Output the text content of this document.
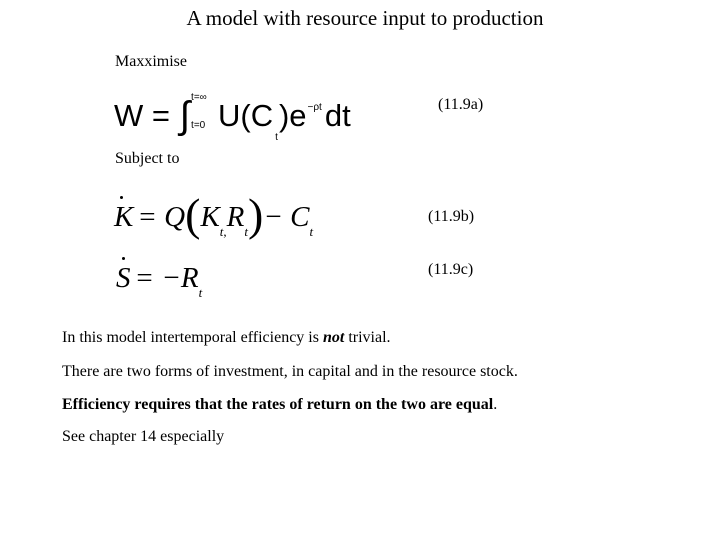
A model with resource input to production
Maxximise
W = ∫ t=∞
t=0 $U(C_t)e^{-\rho t}dt$	(11.9a)
Subject to
$K = Q(K_{t,}R_t)- C_t$
(11.9b)
$S = -R_t$
(11.9c)
In this model intertemporal efficiency is not trivial.
There are two forms of investment, in capital and in the resource stock.
Efficiency requires that the rates of return on the two are equal.
See chapter 14 especially
